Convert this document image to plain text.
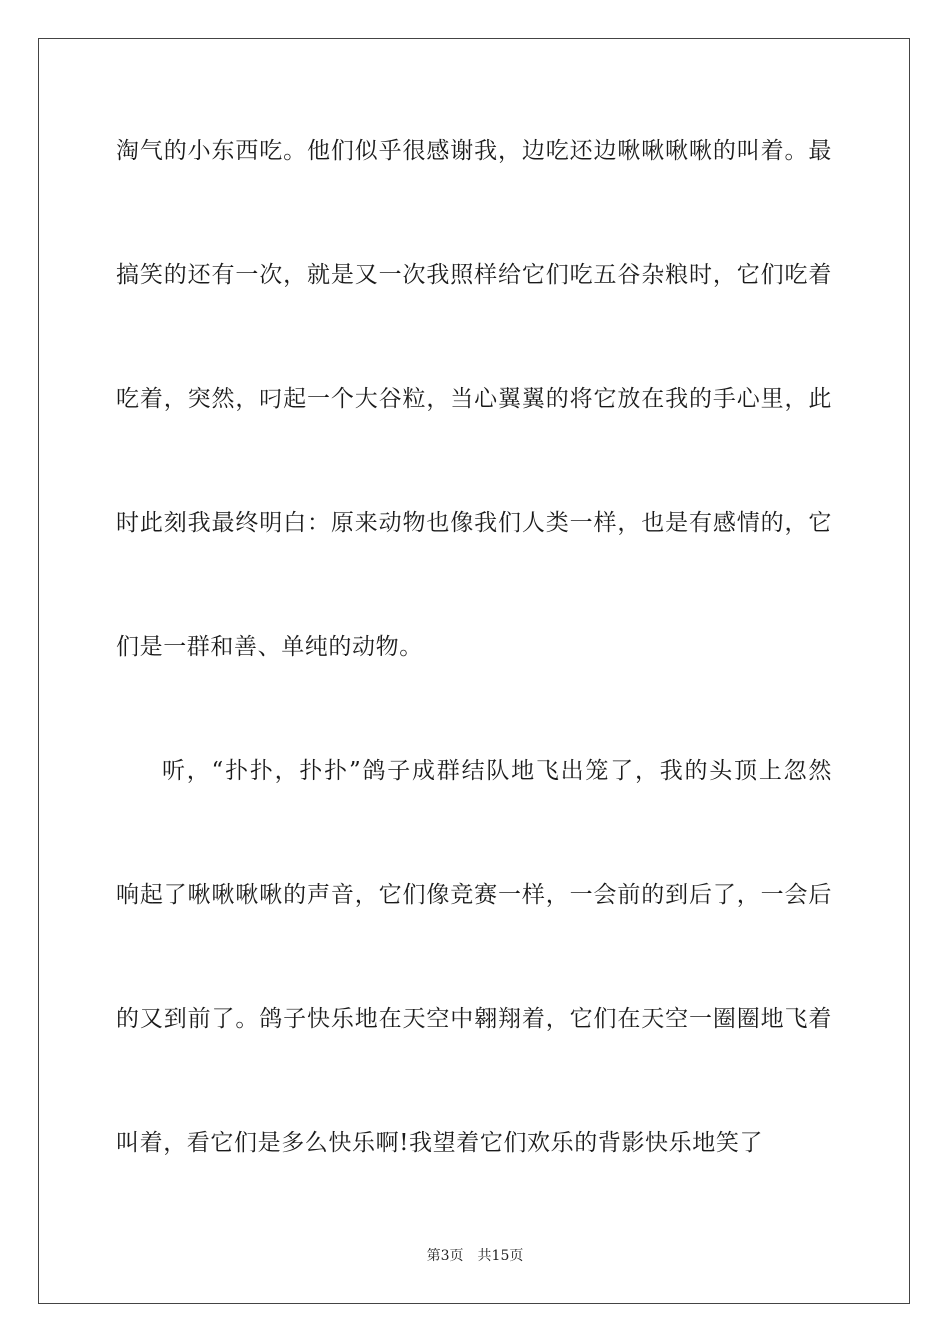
淘气的小东西吃。他们似乎很感谢我，边吃还边啾啾啾啾的叫着。最
搞笑的还有一次，就是又一次我照样给它们吃五谷杂粮时，它们吃着
吃着，突然，叼起一个大谷粒，当心翼翼的将它放在我的手心里，此
时此刻我最终明白：原来动物也像我们人类一样，也是有感情的，它
们是一群和善、单纯的动物。
听，“扑扑，扑扑”鸽子成群结队地飞出笼了，我的头顶上忽然
响起了啾啾啾啾的声音，它们像竞赛一样，一会前的到后了，一会后
的又到前了。鸽子快乐地在天空中翱翔着，它们在天空一圈圈地飞着
叫着，看它们是多么快乐啊!我望着它们欢乐的背影快乐地笑了
第3页 共15页
